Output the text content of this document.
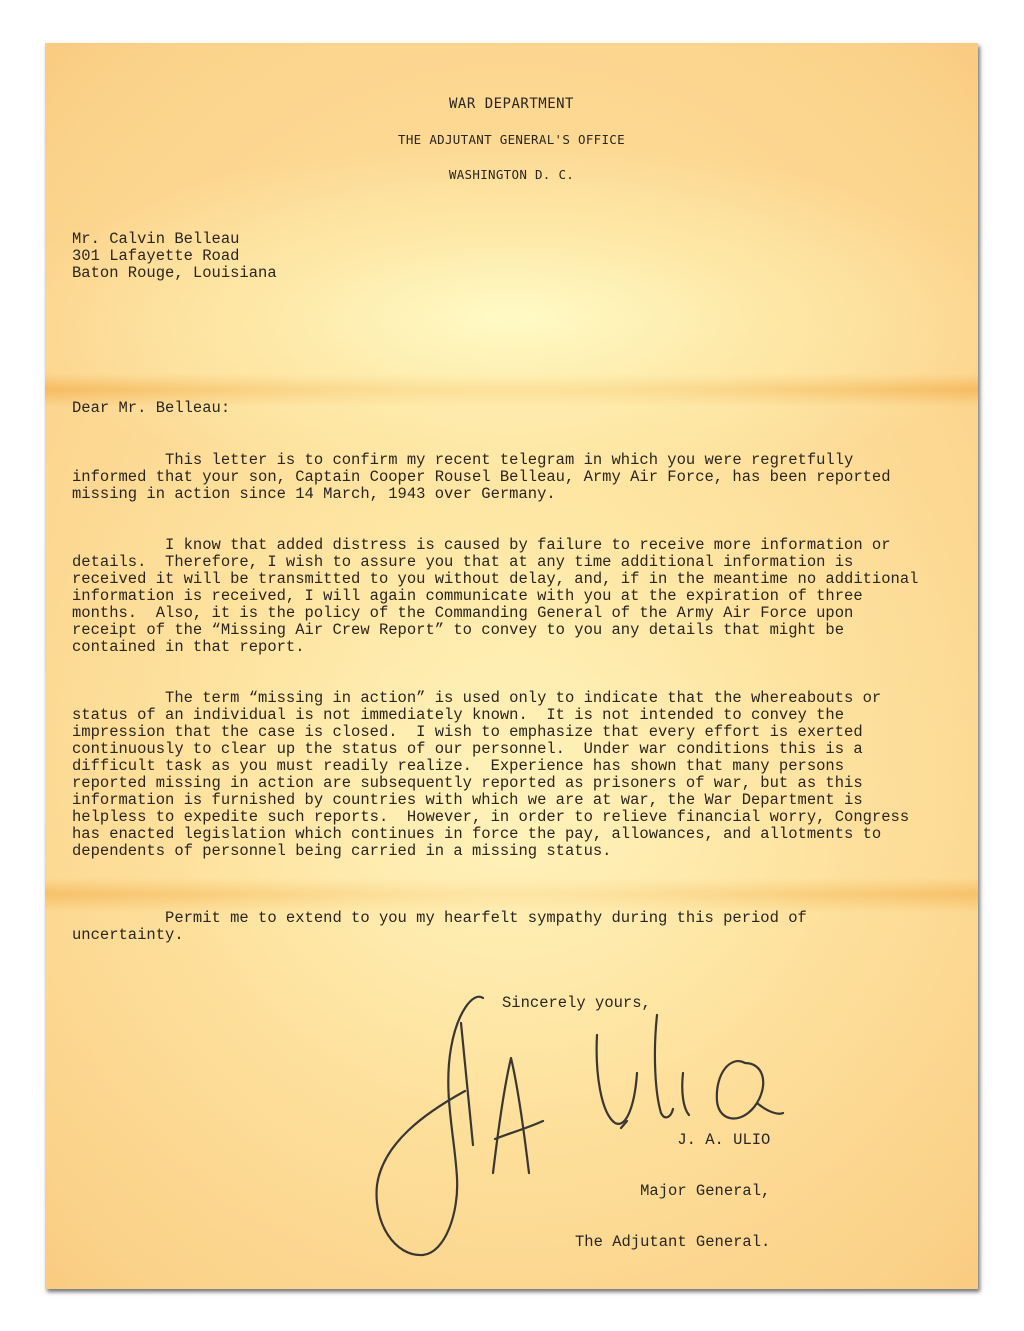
WAR DEPARTMENT

THE ADJUTANT GENERAL'S OFFICE

WASHINGTON D. C.

Mr. Calvin Belleau
301 Lafayette Road
Baton Rouge, Louisiana

Dear Mr. Belleau:

This letter is to confirm my recent telegram in which you were regretfully
informed that your son, Captain Cooper Rousel Belleau, Army Air Force, has been reported
missing in action since 14 March, 1943 over Germany.

I know that added distress is caused by failure to receive more information or
details.  Therefore, I wish to assure you that at any time additional information is
received it will be transmitted to you without delay, and, if in the meantime no additional
information is received, I will again communicate with you at the expiration of three
months.  Also, it is the policy of the Commanding General of the Army Air Force upon
receipt of the “Missing Air Crew Report” to convey to you any details that might be
contained in that report.

The term “missing in action” is used only to indicate that the whereabouts or
status of an individual is not immediately known.  It is not intended to convey the
impression that the case is closed.  I wish to emphasize that every effort is exerted
continuously to clear up the status of our personnel.  Under war conditions this is a
difficult task as you must readily realize.  Experience has shown that many persons
reported missing in action are subsequently reported as prisoners of war, but as this
information is furnished by countries with which we are at war, the War Department is
helpless to expedite such reports.  However, in order to relieve financial worry, Congress
has enacted legislation which continues in force the pay, allowances, and allotments to
dependents of personnel being carried in a missing status.

Permit me to extend to you my hearfelt sympathy during this period of
uncertainty.

Sincerely yours,

J. A. ULIO

Major General,

The Adjutant General.
